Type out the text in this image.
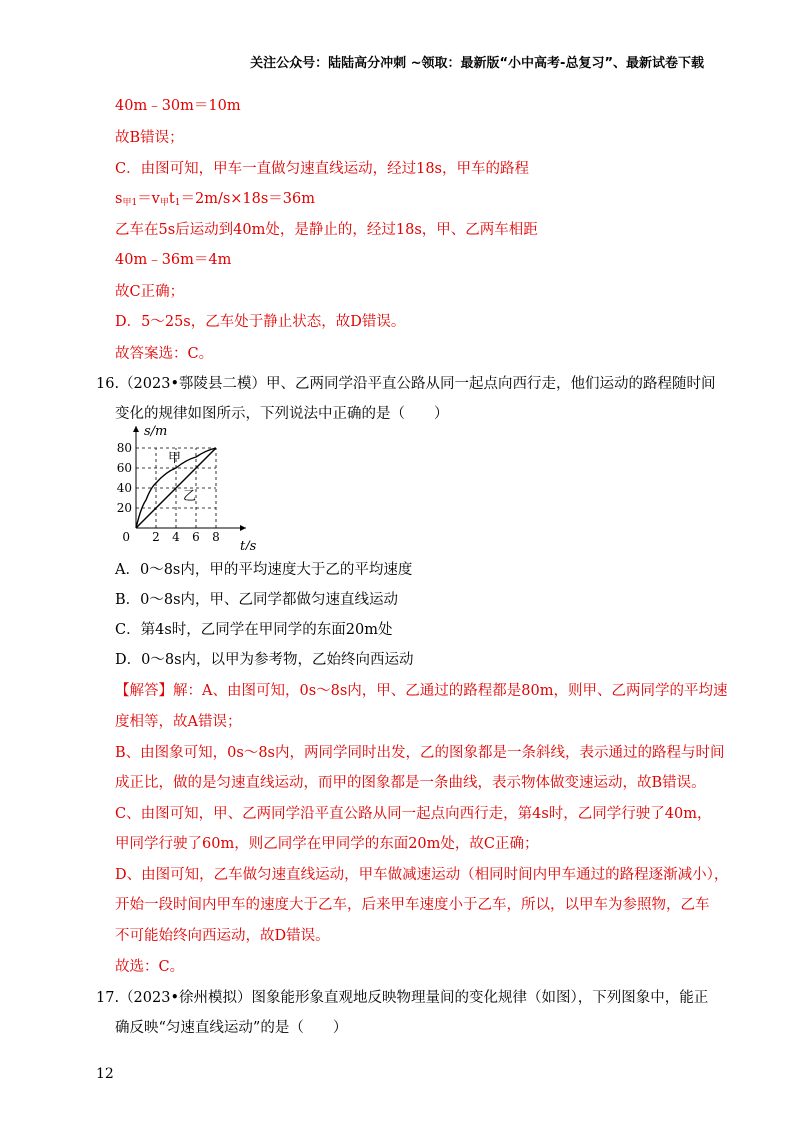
关注公众号：陆陆高分冲刺 ~领取：最新版“小中高考-总复习”、最新试卷下载
40m﹣30m＝10m
故B错误；
C．由图可知，甲车一直做匀速直线运动，经过18s，甲车的路程
$s_{甲1}=v_甲t_1=2m/s\times 18s=36m$
乙车在5s后运动到40m处，是静止的，经过18s，甲、乙两车相距
40m﹣36m＝4m
故C正确；
D．5～25s，乙车处于静止状态，故D错误。
故答案选：C。
16.（2023•鄠陵县二模）甲、乙两同学沿平直公路从同一起点向西行走，他们运动的路程随时间
变化的规律如图所示，下列说法中正确的是（　　）
2 4 6 8
20
40
60
80
0
s/m
t/s
甲
乙
A．0～8s内，甲的平均速度大于乙的平均速度
B．0～8s内，甲、乙同学都做匀速直线运动
C．第4s时，乙同学在甲同学的东面20m处
D．0～8s内，以甲为参考物，乙始终向西运动
【解答】解：A、由图可知，0s～8s内，甲、乙通过的路程都是80m，则甲、乙两同学的平均速
度相等，故A错误；
B、由图象可知，0s～8s内，两同学同时出发，乙的图象都是一条斜线，表示通过的路程与时间
成正比，做的是匀速直线运动，而甲的图象都是一条曲线，表示物体做变速运动，故B错误。
C、由图可知，甲、乙两同学沿平直公路从同一起点向西行走，第4s时，乙同学行驶了40m，
甲同学行驶了60m，则乙同学在甲同学的东面20m处，故C正确；
D、由图可知，乙车做匀速直线运动，甲车做减速运动（相同时间内甲车通过的路程逐渐减小），
开始一段时间内甲车的速度大于乙车，后来甲车速度小于乙车，所以，以甲车为参照物，乙车
不可能始终向西运动，故D错误。
故选：C。
17.（2023•徐州模拟）图象能形象直观地反映物理量间的变化规律（如图），下列图象中，能正
确反映“匀速直线运动”的是（　　）
12
